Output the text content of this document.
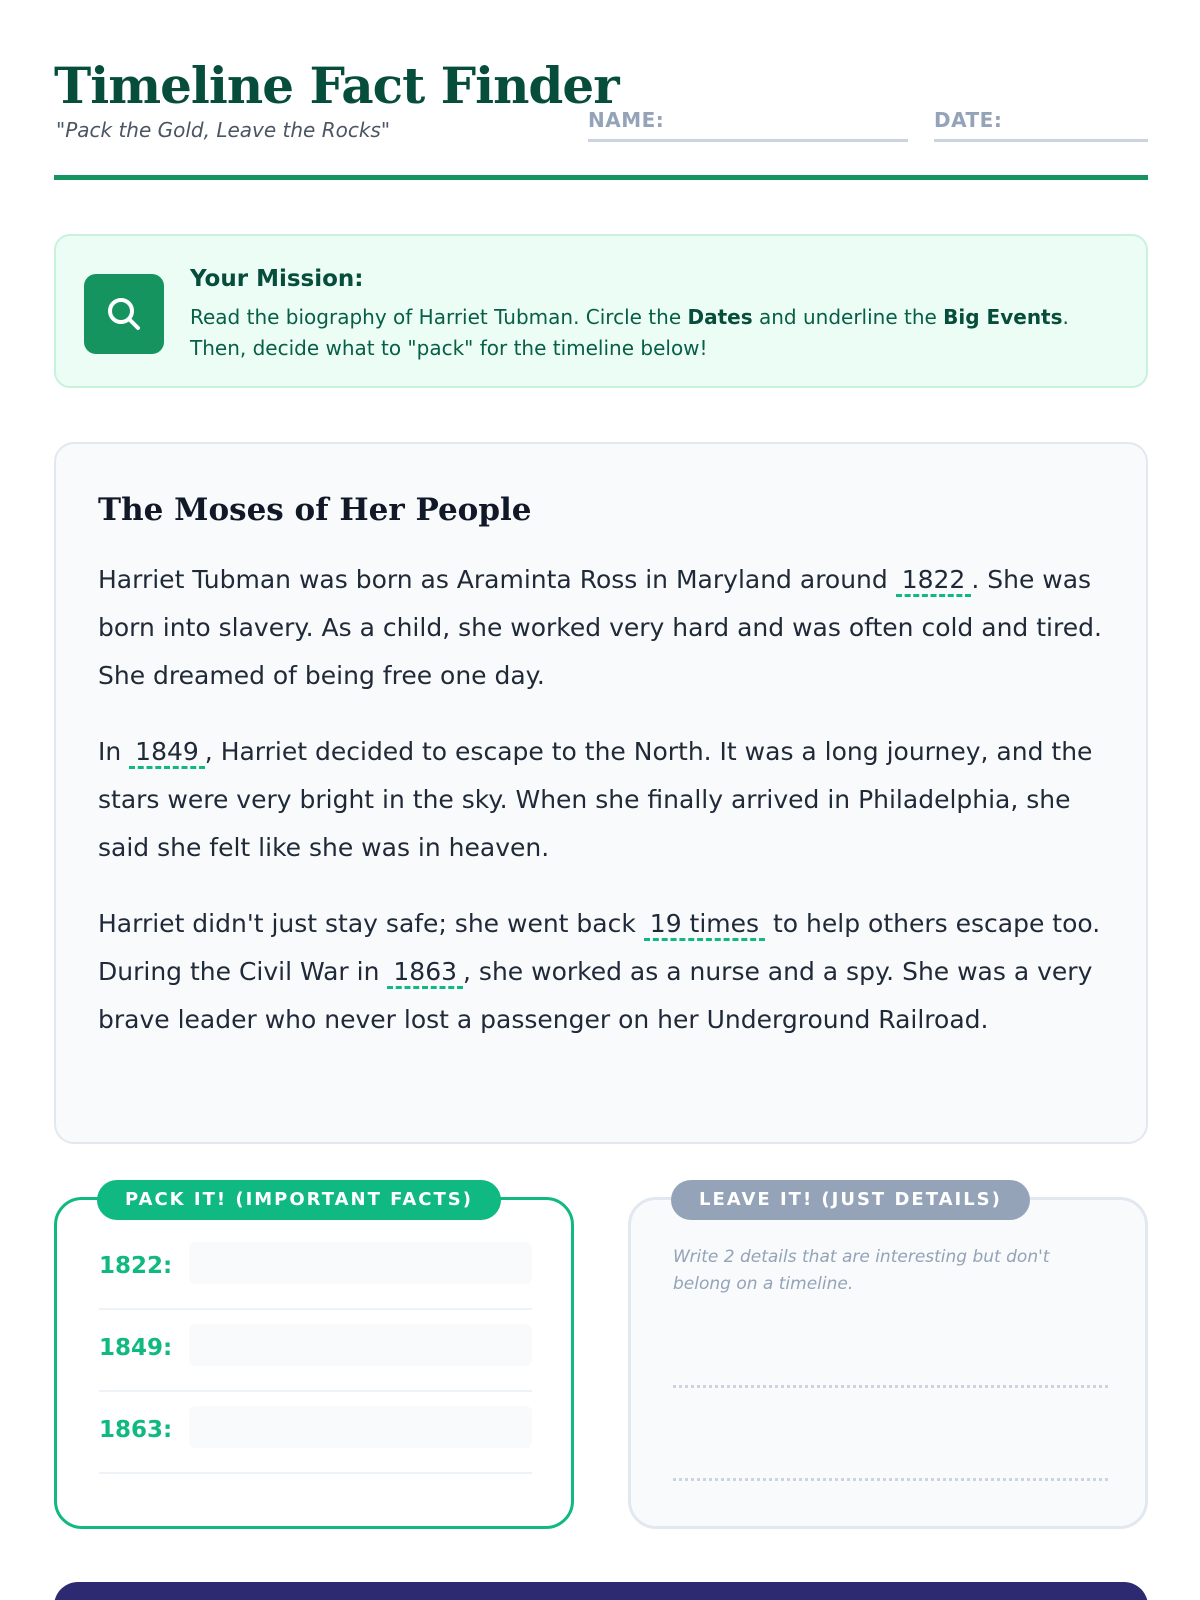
Timeline Fact Finder
"Pack the Gold, Leave the Rocks"	NAME:	DATE:
Your Mission:
Read the biography of Harriet Tubman. Circle the Dates and underline the Big Events.
Then, decide what to "pack" for the timeline below!
The Moses of Her People

Harriet Tubman was born as Araminta Ross in Maryland around 1822 . She was born into slavery. As a child, she worked very hard and was often cold and tired. She dreamed of being free one day.

In 1849 , Harriet decided to escape to the North. It was a long journey, and the stars were very bright in the sky. When she finally arrived in Philadelphia, she said she felt like she was in heaven.

Harriet didn't just stay safe; she went back 19 times to help others escape too. During the Civil War in 1863 , she worked as a nurse and a spy. She was a very brave leader who never lost a passenger on her Underground Railroad.

PACK IT! (IMPORTANT FACTS)
1822:
1849:
1863:
LEAVE IT! (JUST DETAILS)
Write 2 details that are interesting but don't belong on a timeline.
